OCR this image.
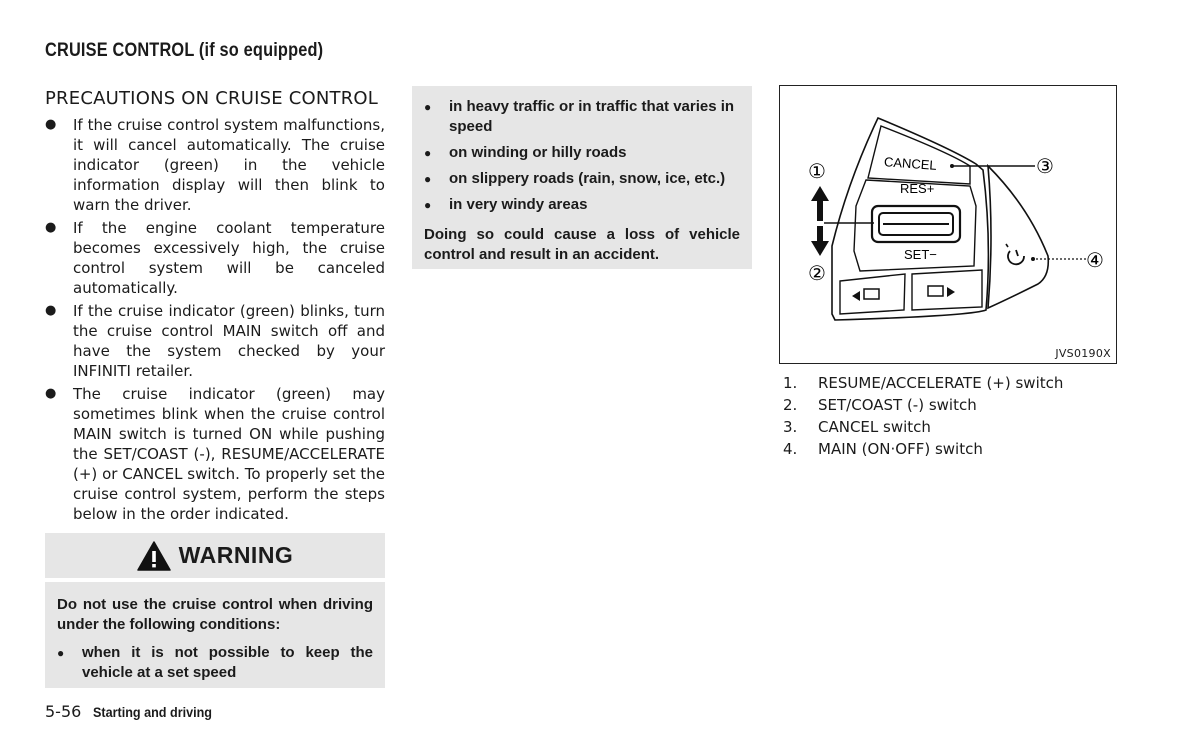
CRUISE CONTROL (if so equipped)
PRECAUTIONS ON CRUISE CONTROL
● If the cruise control system malfunctions, it will cancel automatically. The cruise indicator (green) in the vehicle information display will then blink to warn the driver.
● If the engine coolant temperature becomes excessively high, the cruise control system will be canceled automatically.
● If the cruise indicator (green) blinks, turn the cruise control MAIN switch off and have the system checked by your INFINITI retailer.
● The cruise indicator (green) may sometimes blink when the cruise control MAIN switch is turned ON while pushing the SET/COAST (-), RESUME/ACCELERATE (+) or CANCEL switch. To properly set the cruise control system, perform the steps below in the order indicated.
WARNING

Do not use the cruise control when driving under the following conditions:

● when it is not possible to keep the vehicle at a set speed
● in heavy traffic or in traffic that varies in speed
● on winding or hilly roads
● on slippery roads (rain, snow, ice, etc.)
● in very windy areas

Doing so could cause a loss of vehicle control and result in an accident.

CANCEL
RES+
SET−
①
②
③
④
JVS0190X
1. RESUME/ACCELERATE (+) switch
2. SET/COAST (-) switch
3. CANCEL switch
4. MAIN (ON·OFF) switch
5-56 Starting and driving
